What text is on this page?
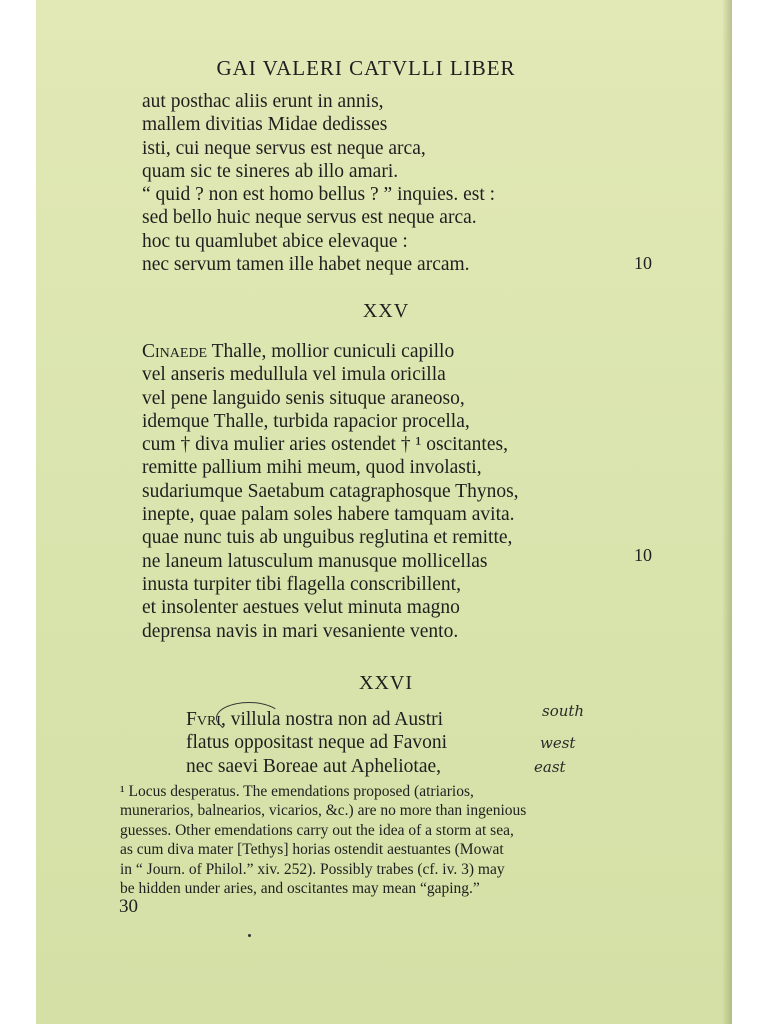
GAI VALERI CATVLLI LIBER
aut posthac aliis erunt in annis,
mallem divitias Midae dedisses
isti, cui neque servus est neque arca,
quam sic te sineres ab illo amari.
“ quid ? non est homo bellus ? ” inquies. est :
sed bello huic neque servus est neque arca.
hoc tu quamlubet abice elevaque :
nec servum tamen ille habet neque arcam.	10
XXV
Cinaede Thalle, mollior cuniculi capillo
vel anseris medullula vel imula oricilla
vel pene languido senis situque araneoso,
idemque Thalle, turbida rapacior procella,
cum † diva mulier aries ostendet † ¹ oscitantes,
remitte pallium mihi meum, quod involasti,
sudariumque Saetabum catagraphosque Thynos,
inepte, quae palam soles habere tamquam avita.
quae nunc tuis ab unguibus reglutina et remitte,
ne laneum latusculum manusque mollicellas
inusta turpiter tibi flagella conscribillent,
et insolenter aestues velut minuta magno
deprensa navis in mari vesaniente vento.
10
XXVI
Fvri, villula nostra non ad Austri
flatus oppositast neque ad Favoni
nec saevi Boreae aut Apheliotae,
south
west
east
¹ Locus desperatus. The emendations proposed (atriarios,
munerarios, balnearios, vicarios, &c.) are no more than ingenious
guesses. Other emendations carry out the idea of a storm at sea,
as cum diva mater [Tethys] horias ostendit aestuantes (Mowat
in “ Journ. of Philol.” xiv. 252). Possibly trabes (cf. iv. 3) may
be hidden under aries, and oscitantes may mean “gaping.”
30
